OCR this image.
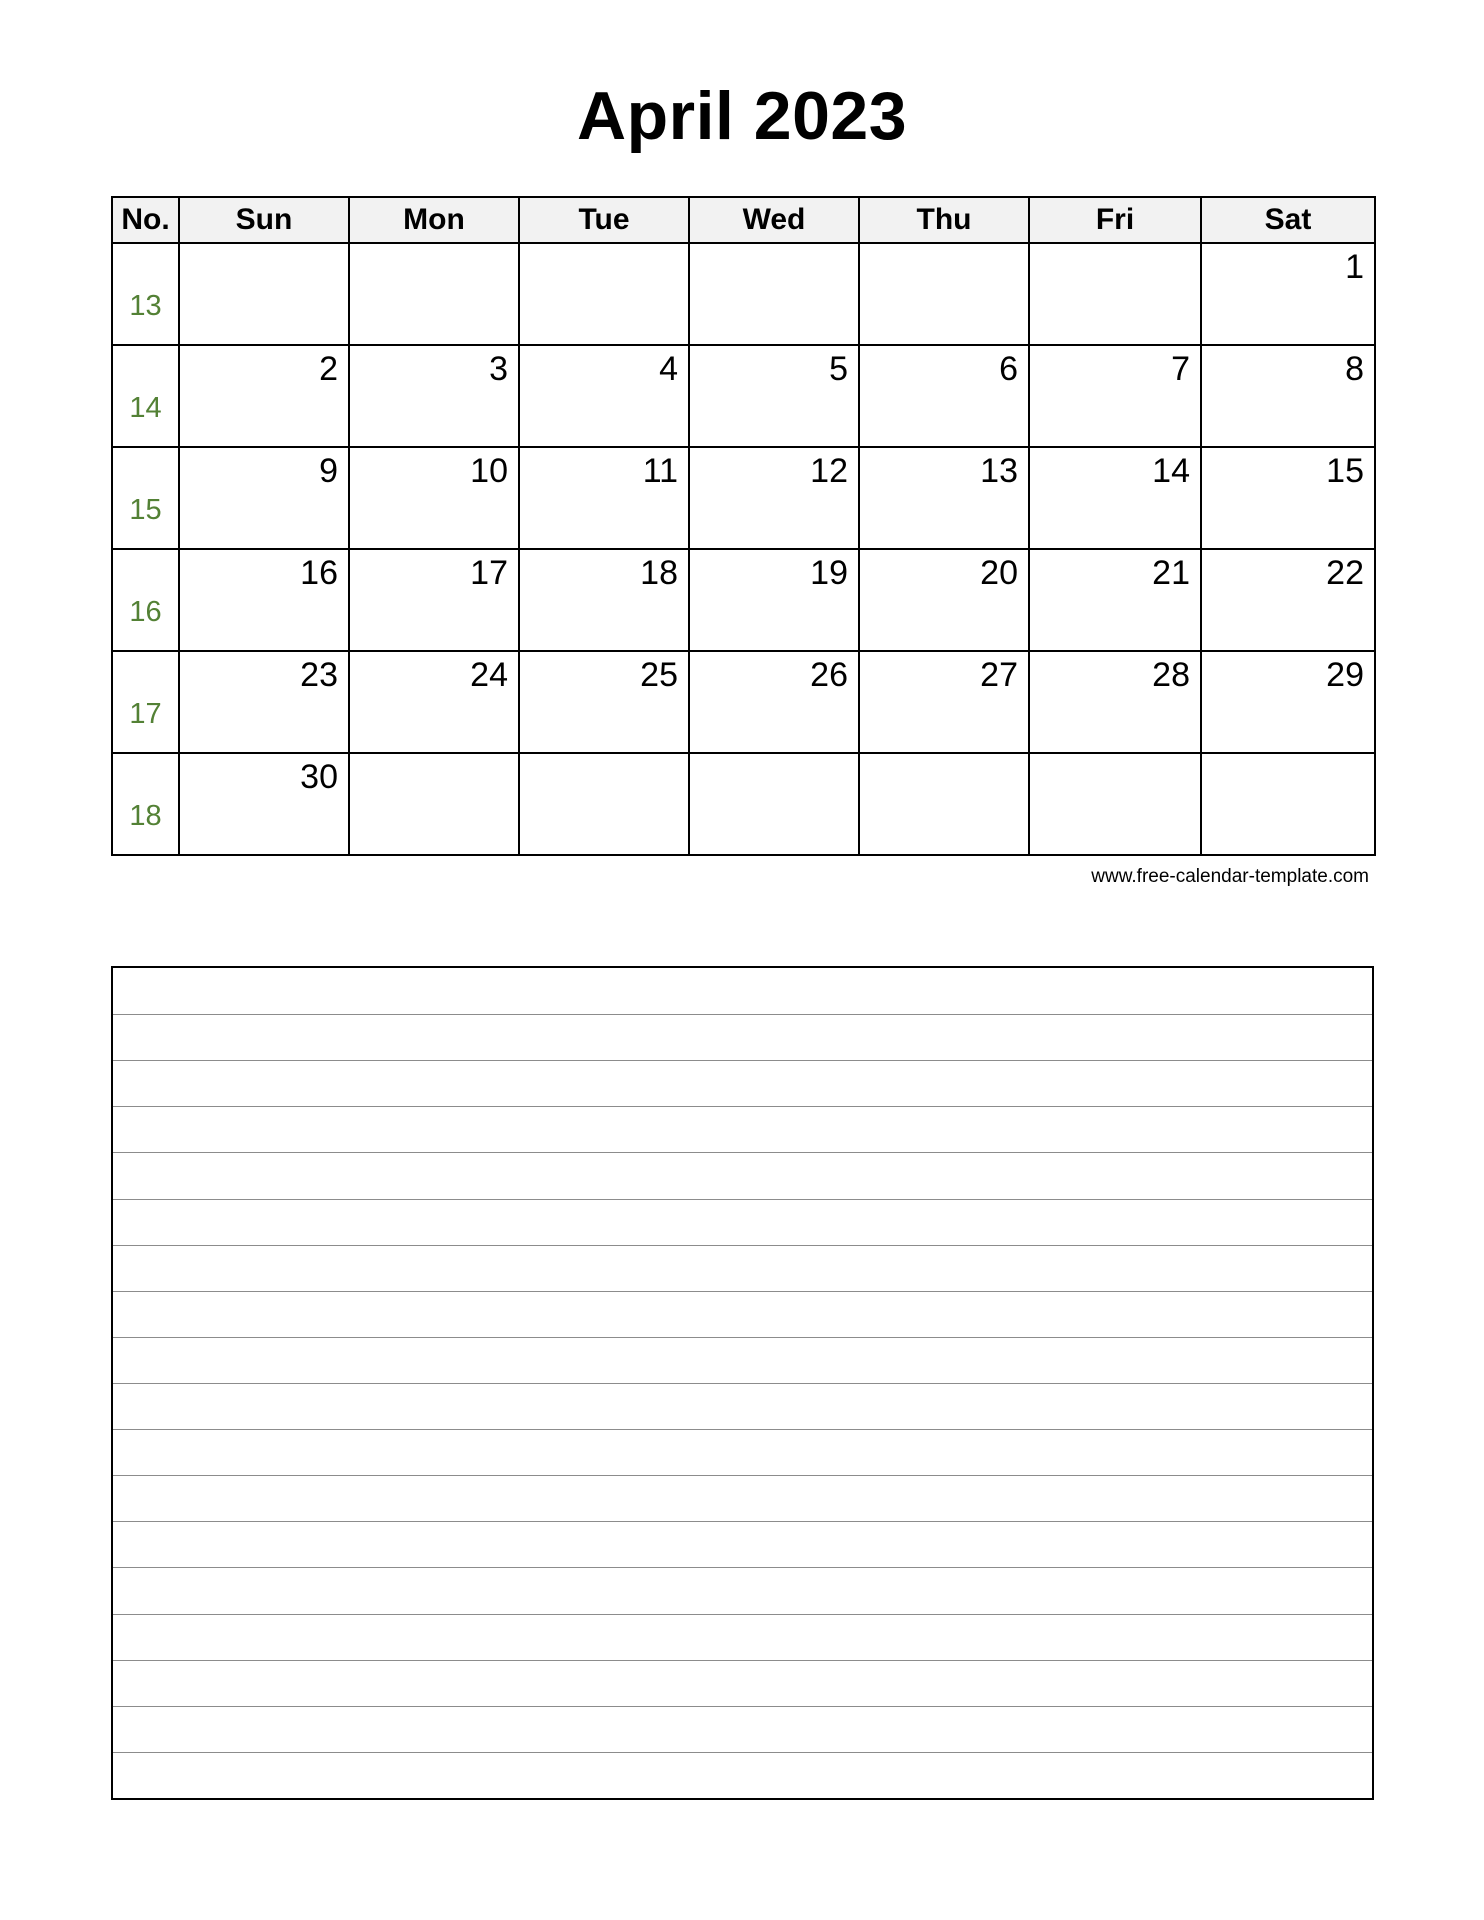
April 2023
No.	Sun	Mon	Tue	Wed	Thu	Fri	Sat
13							1

14	2	3	4	5	6	7	8

15	9	10	11	12	13	14	15

16	16	17	18	19	20	21	22

17	23	24	25	26	27	28	29

18	30						

www.free-calendar-template.com
